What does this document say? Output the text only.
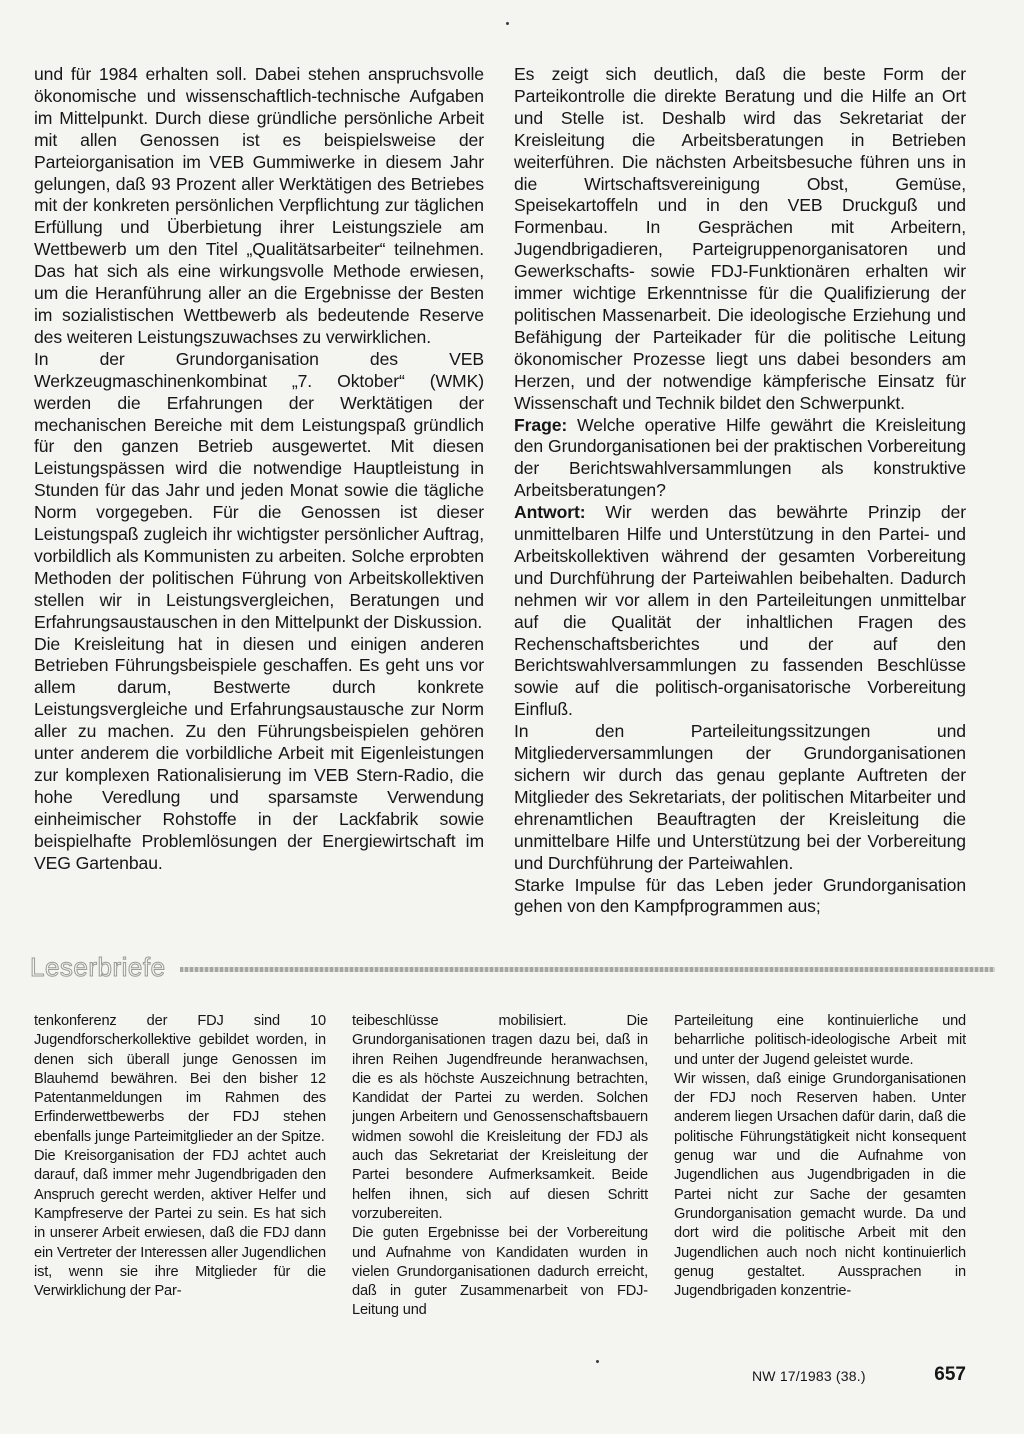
und für 1984 erhalten soll. Dabei stehen anspruchsvolle ökonomische und wissenschaftlich-technische Aufgaben im Mittelpunkt. Durch diese gründliche persönliche Arbeit mit allen Genossen ist es beispielsweise der Parteiorganisation im VEB Gummiwerke in diesem Jahr gelungen, daß 93 Prozent aller Werktätigen des Betriebes mit der konkreten persönlichen Verpflichtung zur täglichen Erfüllung und Überbietung ihrer Leistungsziele am Wettbewerb um den Titel „Qualitätsarbeiter“ teilnehmen. Das hat sich als eine wirkungsvolle Methode erwiesen, um die Heranführung aller an die Ergebnisse der Besten im sozialistischen Wettbewerb als bedeutende Reserve des weiteren Leistungszuwachses zu verwirklichen.

In der Grundorganisation des VEB Werkzeugmaschinenkombinat „7. Oktober“ (WMK) werden die Erfahrungen der Werktätigen der mechanischen Bereiche mit dem Leistungspaß gründlich für den ganzen Betrieb ausgewertet. Mit diesen Leistungspässen wird die notwendige Hauptleistung in Stunden für das Jahr und jeden Monat sowie die tägliche Norm vorgegeben. Für die Genossen ist dieser Leistungspaß zugleich ihr wichtigster persönlicher Auftrag, vorbildlich als Kommunisten zu arbeiten. Solche erprobten Methoden der politischen Führung von Arbeitskollektiven stellen wir in Leistungsvergleichen, Beratungen und Erfahrungsaustauschen in den Mittelpunkt der Diskussion.

Die Kreisleitung hat in diesen und einigen anderen Betrieben Führungsbeispiele geschaffen. Es geht uns vor allem darum, Bestwerte durch konkrete Leistungsvergleiche und Erfahrungsaustausche zur Norm aller zu machen. Zu den Führungsbeispielen gehören unter anderem die vorbildliche Arbeit mit Eigenleistungen zur komplexen Rationalisierung im VEB Stern-Radio, die hohe Veredlung und sparsamste Verwendung einheimischer Rohstoffe in der Lackfabrik sowie beispielhafte Problemlösungen der Energiewirtschaft im VEG Gartenbau.

Es zeigt sich deutlich, daß die beste Form der Parteikontrolle die direkte Beratung und die Hilfe an Ort und Stelle ist. Deshalb wird das Sekretariat der Kreisleitung die Arbeitsberatungen in Betrieben weiterführen. Die nächsten Arbeitsbesuche führen uns in die Wirtschaftsvereinigung Obst, Gemüse, Speisekartoffeln und in den VEB Druckguß und Formenbau. In Gesprächen mit Arbeitern, Jugendbrigadieren, Parteigruppenorganisatoren und Gewerkschafts- sowie FDJ-Funktionären erhalten wir immer wichtige Erkenntnisse für die Qualifizierung der politischen Massenarbeit. Die ideologische Erziehung und Befähigung der Parteikader für die politische Leitung ökonomischer Prozesse liegt uns dabei besonders am Herzen, und der notwendige kämpferische Einsatz für Wissenschaft und Technik bildet den Schwerpunkt.

Frage: Welche operative Hilfe gewährt die Kreisleitung den Grundorganisationen bei der praktischen Vorbereitung der Berichtswahlversammlungen als konstruktive Arbeitsberatungen?

Antwort: Wir werden das bewährte Prinzip der unmittelbaren Hilfe und Unterstützung in den Partei- und Arbeitskollektiven während der gesamten Vorbereitung und Durchführung der Parteiwahlen beibehalten. Dadurch nehmen wir vor allem in den Parteileitungen unmittelbar auf die Qualität der inhaltlichen Fragen des Rechenschaftsberichtes und der auf den Berichtswahlversammlungen zu fassenden Beschlüsse sowie auf die politisch-organisatorische Vorbereitung Einfluß.

In den Parteileitungssitzungen und Mitgliederversammlungen der Grundorganisationen sichern wir durch das genau geplante Auftreten der Mitglieder des Sekretariats, der politischen Mitarbeiter und ehrenamtlichen Beauftragten der Kreisleitung die unmittelbare Hilfe und Unterstützung bei der Vorbereitung und Durchführung der Parteiwahlen.

Starke Impulse für das Leben jeder Grundorganisation gehen von den Kampfprogrammen aus;

Leserbriefe

tenkonferenz der FDJ sind 10 Jugendforscherkollektive gebildet worden, in denen sich überall junge Genossen im Blauhemd bewähren. Bei den bisher 12 Patentanmeldungen im Rahmen des Erfinderwettbewerbs der FDJ stehen ebenfalls junge Parteimitglieder an der Spitze.

Die Kreisorganisation der FDJ achtet auch darauf, daß immer mehr Jugendbrigaden den Anspruch gerecht werden, aktiver Helfer und Kampfreserve der Partei zu sein. Es hat sich in unserer Arbeit erwiesen, daß die FDJ dann ein Vertreter der Interessen aller Jugendlichen ist, wenn sie ihre Mitglieder für die Verwirklichung der Par-

teibeschlüsse mobilisiert. Die Grundorganisationen tragen dazu bei, daß in ihren Reihen Jugendfreunde heranwachsen, die es als höchste Auszeichnung betrachten, Kandidat der Partei zu werden. Solchen jungen Arbeitern und Genossenschaftsbauern widmen sowohl die Kreisleitung der FDJ als auch das Sekretariat der Kreisleitung der Partei besondere Aufmerksamkeit. Beide helfen ihnen, sich auf diesen Schritt vorzubereiten.

Die guten Ergebnisse bei der Vorbereitung und Aufnahme von Kandidaten wurden in vielen Grundorganisationen dadurch erreicht, daß in guter Zusammenarbeit von FDJ-Leitung und

Parteileitung eine kontinuierliche und beharrliche politisch-ideologische Arbeit mit und unter der Jugend geleistet wurde.

Wir wissen, daß einige Grundorganisationen der FDJ noch Reserven haben. Unter anderem liegen Ursachen dafür darin, daß die politische Führungstätigkeit nicht konsequent genug war und die Aufnahme von Jugendlichen aus Jugendbrigaden in die Partei nicht zur Sache der gesamten Grundorganisation gemacht wurde. Da und dort wird die politische Arbeit mit den Jugendlichen auch noch nicht kontinuierlich genug gestaltet. Aussprachen in Jugendbrigaden konzentrie-

NW 17/1983 (38.)	657
